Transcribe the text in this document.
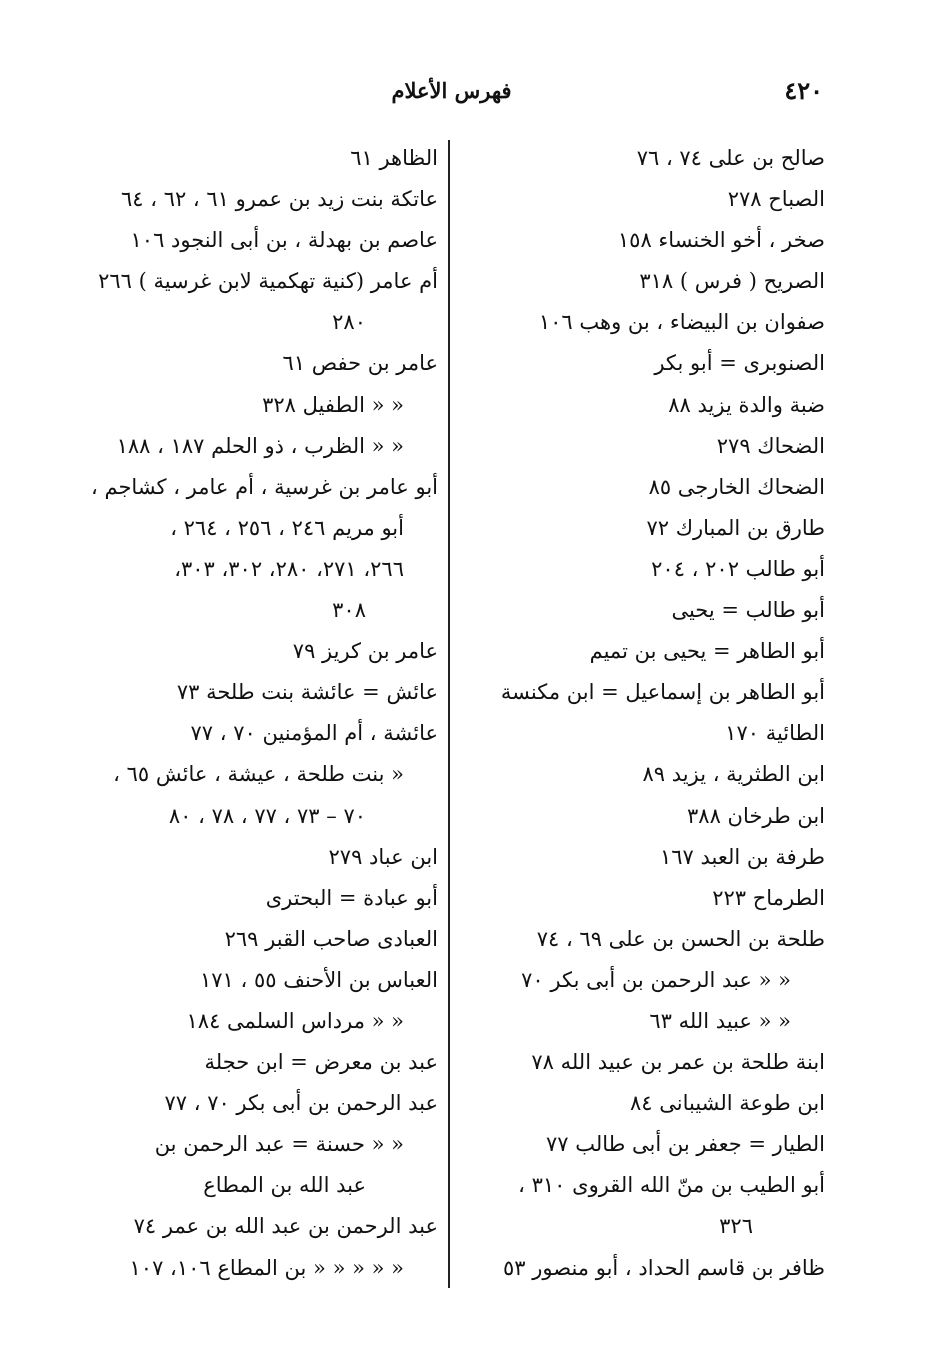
٤٢٠
فهرس الأعلام
صالح بن على ٧٤ ، ٧٦
الصباح ٢٧٨
صخر ، أخو الخنساء ١٥٨
الصريح ( فرس ) ٣١٨
صفوان بن البيضاء ، بن وهب ١٠٦
الصنوبرى = أبو بكر
ضبة والدة يزيد ٨٨
الضحاك ٢٧٩
الضحاك الخارجى ٨٥
طارق بن المبارك ٧٢
أبو طالب ٢٠٢ ، ٢٠٤
أبو طالب = يحيى
أبو الطاهر = يحيى بن تميم
أبو الطاهر بن إسماعيل = ابن مكنسة
الطائية ١٧٠
ابن الطثرية ، يزيد ٨٩
ابن طرخان ٣٨٨
طرفة بن العبد ١٦٧
الطرماح ٢٢٣
طلحة بن الحسن بن على ٦٩ ، ٧٤
« « عبد الرحمن بن أبى بكر ٧٠
« « عبيد الله ٦٣
ابنة طلحة بن عمر بن عبيد الله ٧٨
ابن طوعة الشيبانى ٨٤
الطيار = جعفر بن أبى طالب ٧٧
أبو الطيب بن منّ الله القروى ٣١٠ ،
٣٢٦
ظافر بن قاسم الحداد ، أبو منصور ٥٣
الظاهر ٦١
عاتكة بنت زيد بن عمرو ٦١ ، ٦٢ ، ٦٤
عاصم بن بهدلة ، بن أبى النجود ١٠٦
أم عامر (كنية تهكمية لابن غرسية ) ٢٦٦
٢٨٠
عامر بن حفص ٦١
« « الطفيل ٣٢٨
« « الظرب ، ذو الحلم ١٨٧ ، ١٨٨
أبو عامر بن غرسية ، أم عامر ، كشاجم ،
أبو مريم ٢٤٦ ، ٢٥٦ ، ٢٦٤ ،
٢٦٦، ٢٧١، ٢٨٠، ٣٠٢، ٣٠٣،
٣٠٨
عامر بن كريز ٧٩
عائش = عائشة بنت طلحة ٧٣
عائشة ، أم المؤمنين ٧٠ ، ٧٧
« بنت طلحة ، عيشة ، عائش ٦٥ ،
٧٠ – ٧٣ ، ٧٧ ، ٧٨ ، ٨٠
ابن عباد ٢٧٩
أبو عبادة = البحترى
العبادى صاحب القبر ٢٦٩
العباس بن الأحنف ٥٥ ، ١٧١
« « مرداس السلمى ١٨٤
عبد بن معرض = ابن حجلة
عبد الرحمن بن أبى بكر ٧٠ ، ٧٧
« « حسنة = عبد الرحمن بن
عبد الله بن المطاع
عبد الرحمن بن عبد الله بن عمر ٧٤
« « « « « بن المطاع ١٠٦، ١٠٧
